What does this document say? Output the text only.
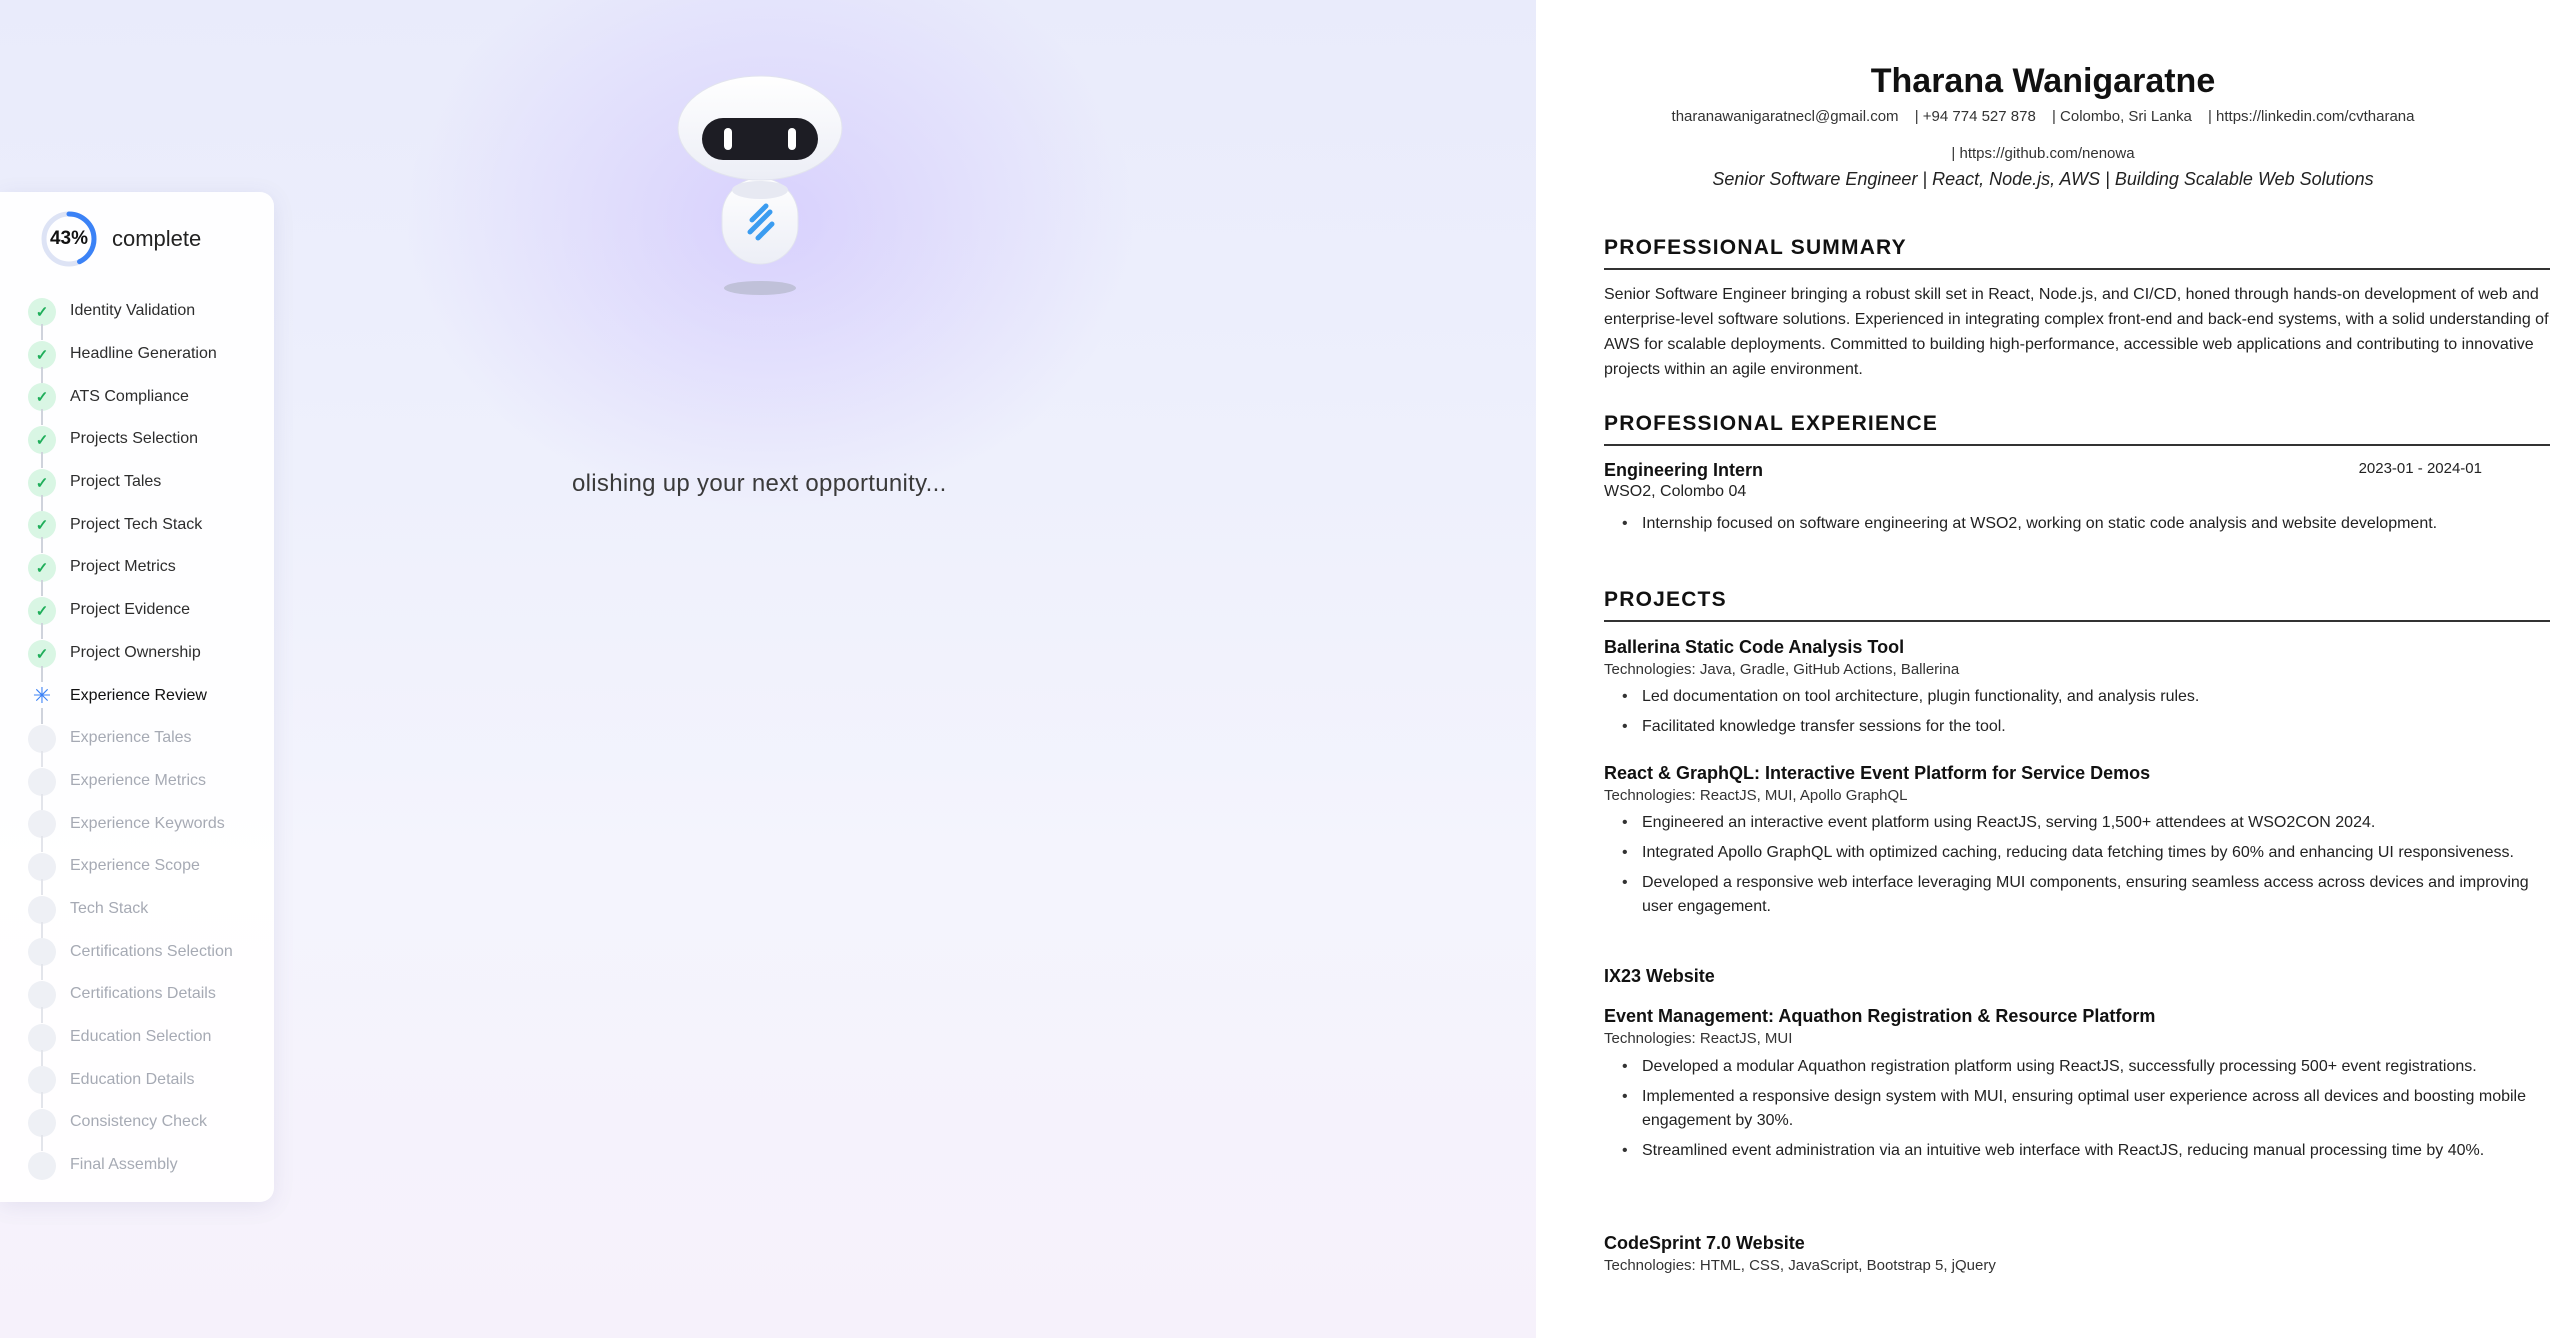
43%	complete
✓	Identity Validation
✓	Headline Generation
✓	ATS Compliance
✓	Projects Selection
✓	Project Tales
✓	Project Tech Stack
✓	Project Metrics
✓	Project Evidence
✓	Project Ownership
✳ Experience Review
Experience Tales
Experience Metrics
Experience Keywords
Experience Scope
Tech Stack
Certifications Selection
Certifications Details
Education Selection
Education Details
Consistency Check
Final Assembly
olishing up your next opportunity...
Tharana Wanigaratne
tharanawanigaratnecl@gmail.com | +94 774 527 878 | Colombo, Sri Lanka | https://linkedin.com/cvtharana
| https://github.com/nenowa
Senior Software Engineer | React, Node.js, AWS | Building Scalable Web Solutions
PROFESSIONAL SUMMARY
Senior Software Engineer bringing a robust skill set in React, Node.js, and CI/CD, honed through hands-on development of web and enterprise-level software solutions. Experienced in integrating complex front-end and back-end systems, with a solid understanding of AWS for scalable deployments. Committed to building high-performance, accessible web applications and contributing to innovative projects within an agile environment.
PROFESSIONAL EXPERIENCE
Engineering Intern	2023-01 - 2024-01
WSO2, Colombo 04
• Internship focused on software engineering at WSO2, working on static code analysis and website development.
PROJECTS
Ballerina Static Code Analysis Tool
Technologies: Java, Gradle, GitHub Actions, Ballerina
• Led documentation on tool architecture, plugin functionality, and analysis rules.
• Facilitated knowledge transfer sessions for the tool.
React & GraphQL: Interactive Event Platform for Service Demos
Technologies: ReactJS, MUI, Apollo GraphQL
• Engineered an interactive event platform using ReactJS, serving 1,500+ attendees at WSO2CON 2024.
• Integrated Apollo GraphQL with optimized caching, reducing data fetching times by 60% and enhancing UI responsiveness.
• Developed a responsive web interface leveraging MUI components, ensuring seamless access across devices and improving user engagement.
IX23 Website
Event Management: Aquathon Registration & Resource Platform
Technologies: ReactJS, MUI
• Developed a modular Aquathon registration platform using ReactJS, successfully processing 500+ event registrations.
• Implemented a responsive design system with MUI, ensuring optimal user experience across all devices and boosting mobile engagement by 30%.
• Streamlined event administration via an intuitive web interface with ReactJS, reducing manual processing time by 40%.
CodeSprint 7.0 Website
Technologies: HTML, CSS, JavaScript, Bootstrap 5, jQuery
